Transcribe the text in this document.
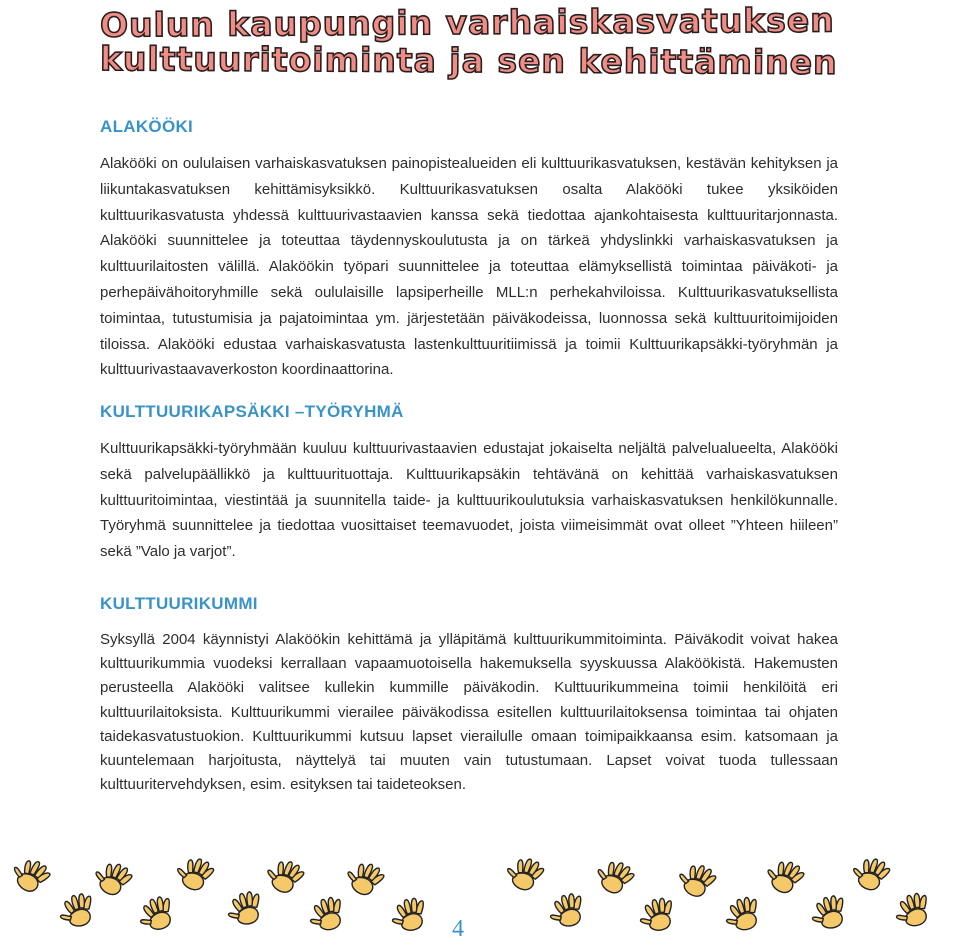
Oulun kaupungin varhaiskasvatuksen
kulttuuritoiminta ja sen kehittäminen
ALAKÖÖKI

Alakööki on oululaisen varhaiskasvatuksen painopistealueiden eli kulttuurikasvatuksen, kestävän kehityksen ja liikuntakasvatuksen kehittämisyksikkö. Kulttuurikasvatuksen osalta Alakööki tukee yksiköiden kulttuurikasvatusta yhdessä kulttuurivastaavien kanssa sekä tiedottaa ajankohtaisesta kulttuuritarjonnasta. Alakööki suunnittelee ja toteuttaa täydennyskoulutusta ja on tärkeä yhdyslinkki varhaiskasvatuksen ja kulttuurilaitosten välillä. Alaköökin työpari suunnittelee ja toteuttaa elämyksellistä toimintaa päiväkoti- ja perhepäivähoitoryhmille sekä oululaisille lapsiperheille MLL:n perhekahviloissa. Kulttuurikasvatuksellista toimintaa, tutustumisia ja pajatoimintaa ym. järjestetään päiväkodeissa, luonnossa sekä kulttuuritoimijoiden tiloissa. Alakööki edustaa varhaiskasvatusta lastenkulttuuritiimissä ja toimii Kulttuurikapsäkki-työryhmän ja kulttuurivastaavaverkoston koordinaattorina.

KULTTUURIKAPSÄKKI –TYÖRYHMÄ

Kulttuurikapsäkki-työryhmään kuuluu kulttuurivastaavien edustajat jokaiselta neljältä palvelualueelta, Alakööki sekä palvelupäällikkö ja kulttuurituottaja. Kulttuurikapsäkin tehtävänä on kehittää varhaiskasvatuksen kulttuuritoimintaa, viestintää ja suunnitella taide- ja kulttuurikoulutuksia varhaiskasvatuksen henkilökunnalle. Työryhmä suunnittelee ja tiedottaa vuosittaiset teemavuodet, joista viimeisimmät ovat olleet ”Yhteen hiileen” sekä ”Valo ja varjot”.

KULTTUURIKUMMI

Syksyllä 2004 käynnistyi Alaköökin kehittämä ja ylläpitämä kulttuurikummitoiminta. Päiväkodit voivat hakea kulttuurikummia vuodeksi kerrallaan vapaamuotoisella hakemuksella syyskuussa Alaköökistä. Hakemusten perusteella Alakööki valitsee kullekin kummille päiväkodin. Kulttuurikummeina toimii henkilöitä eri kulttuurilaitoksista. Kulttuurikummi vierailee päiväkodissa esitellen kulttuurilaitoksensa toimintaa tai ohjaten taidekasvatustuokion. Kulttuurikummi kutsuu lapset vierailulle omaan toimipaikkaansa esim. katsomaan ja kuuntelemaan harjoitusta, näyttelyä tai muuten vain tutustumaan. Lapset voivat tuoda tullessaan kulttuuritervehdyksen, esim. esityksen tai taideteoksen.

4
